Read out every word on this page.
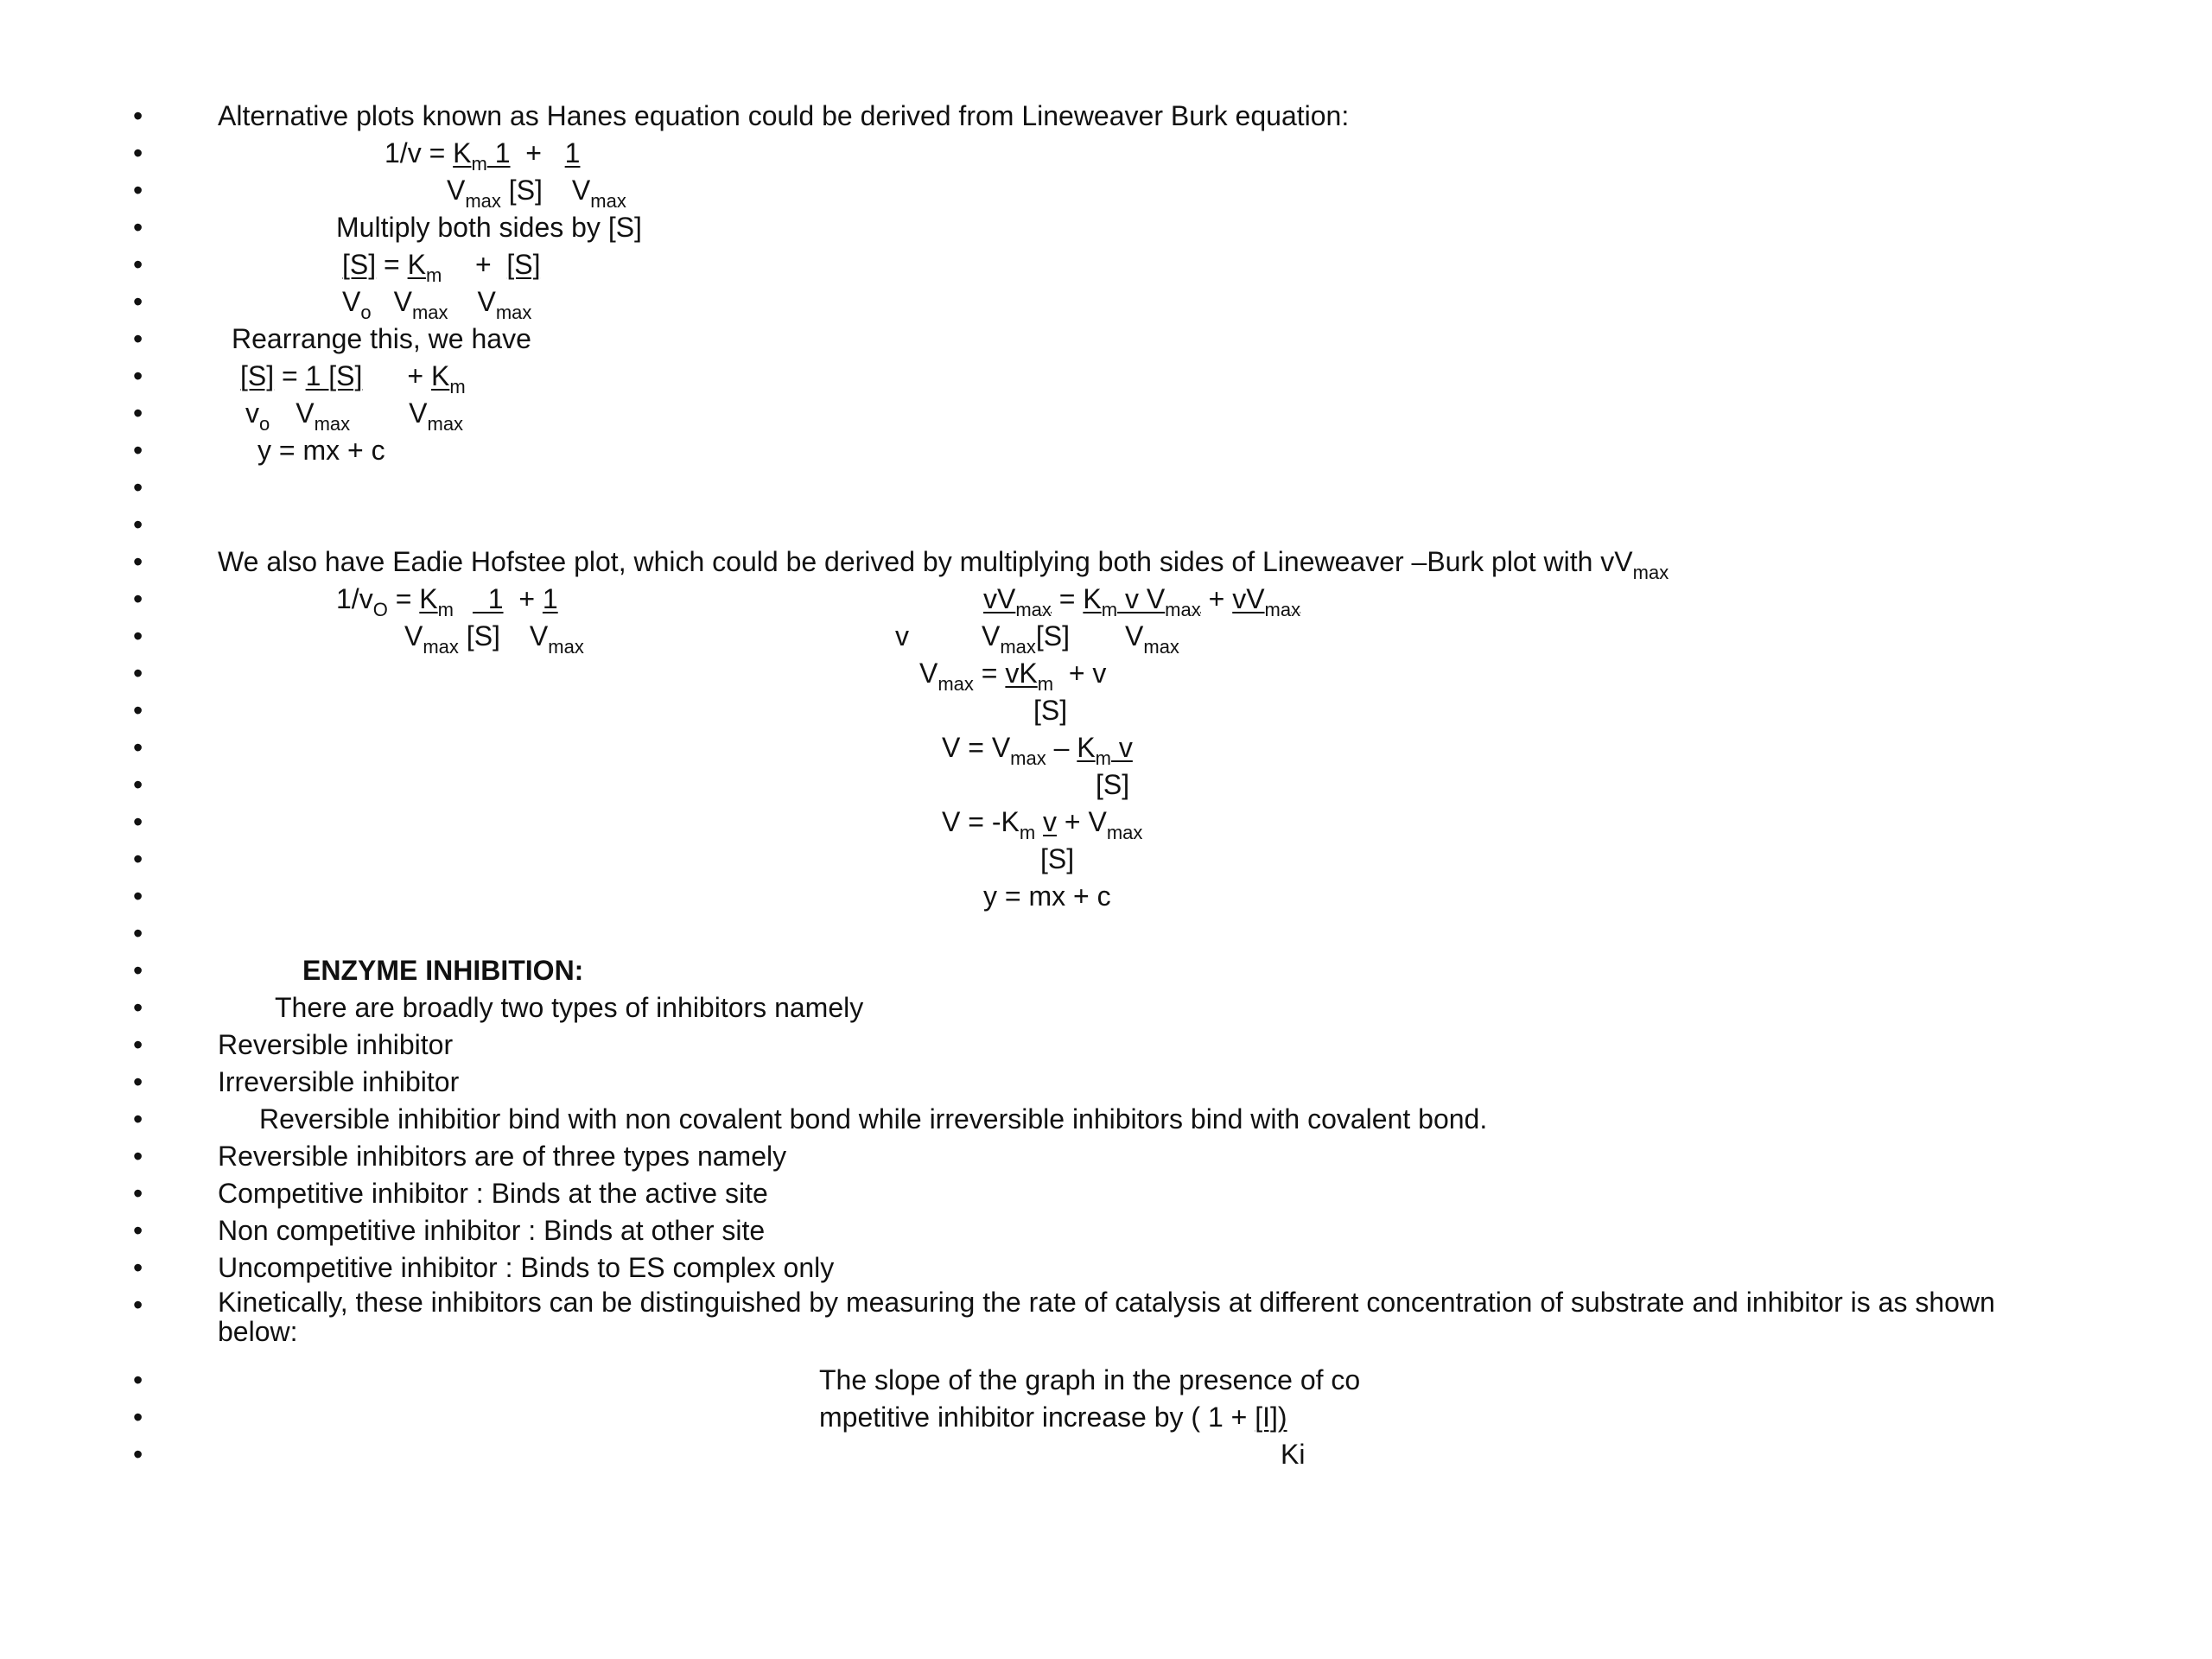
•
•
•
•
•
•
•
•
•
•
•
•
•
•
•
•
•
•
•
•
•
•
•
•
•
•
•
•
•
•
•
•
•
•
•
•
Alternative plots known as Hanes equation could be derived from Lineweaver Burk equation:
$1/v = K_m$ 1  +   1
$V_{max}$ [S] $V_{max}$
Multiply both sides by [S]
$[S] = K_m + [S]$
$V_o$ $V_{max}$ $V_{max}$
Rearrange this, we have
[S] = 1 $[S] + K_m$
$v_o$ $V_{max}$ $V_{max}$
y = mx + c
We also have Eadie Hofstee plot, which could be derived by multiplying both sides of Lineweaver –Burk plot with $vV_{max}$
$1/v_O = K_m$  1  + 1	$vV_{max} = K_m$ v $V_{max} + vV_{max}$
$V_{max}$ [S] $V_{max}$	v	$V_{max}[S]$ $V_{max}$
$V_{max} = vK_m + v$
[S]
$V = V_{max} - K_m$ v
[S]
$V = -K_m$ $v + V_{max}$
[S]
y = mx + c
ENZYME INHIBITION:
There are broadly two types of inhibitors namely
Reversible inhibitor
Irreversible inhibitor
Reversible inhibitior bind with non covalent bond while irreversible inhibitors bind with covalent bond.
Reversible inhibitors are of three types namely
Competitive inhibitor : Binds at the active site
Non competitive inhibitor : Binds at other site
Uncompetitive inhibitor : Binds to ES complex only
Kinetically, these inhibitors can be distinguished by measuring the rate of catalysis at different concentration of substrate and inhibitor is as shown
below:
The slope of the graph in the presence of co
mpetitive inhibitor increase by ( 1 + [I])
Ki
